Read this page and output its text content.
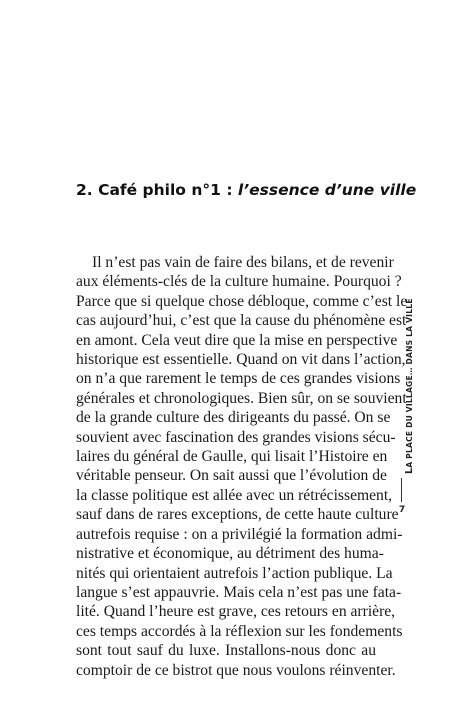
2. Café philo n°1 : l’essence d’une ville
Il n’est pas vain de faire des bilans, et de revenir
aux éléments-clés de la culture humaine. Pourquoi ?
Parce que si quelque chose débloque, comme c’est le
cas aujourd’hui, c’est que la cause du phénomène est
en amont. Cela veut dire que la mise en perspective
historique est essentielle. Quand on vit dans l’action,
on n’a que rarement le temps de ces grandes visions
générales et chronologiques. Bien sûr, on se souvient
de la grande culture des dirigeants du passé. On se
souvient avec fascination des grandes visions sécu-
laires du général de Gaulle, qui lisait l’Histoire en
véritable penseur. On sait aussi que l’évolution de
la classe politique est allée avec un rétrécissement,
sauf dans de rares exceptions, de cette haute culture
autrefois requise : on a privilégié la formation admi-
nistrative et économique, au détriment des huma-
nités qui orientaient autrefois l’action publique. La
langue s’est appauvrie. Mais cela n’est pas une fata-
lité. Quand l’heure est grave, ces retours en arrière,
ces temps accordés à la réflexion sur les fondements
sont tout sauf du luxe. Installons-nous donc au
comptoir de ce bistrot que nous voulons réinventer.
LA PLACE DU VILLAGE… DANS LA VILLE
7
